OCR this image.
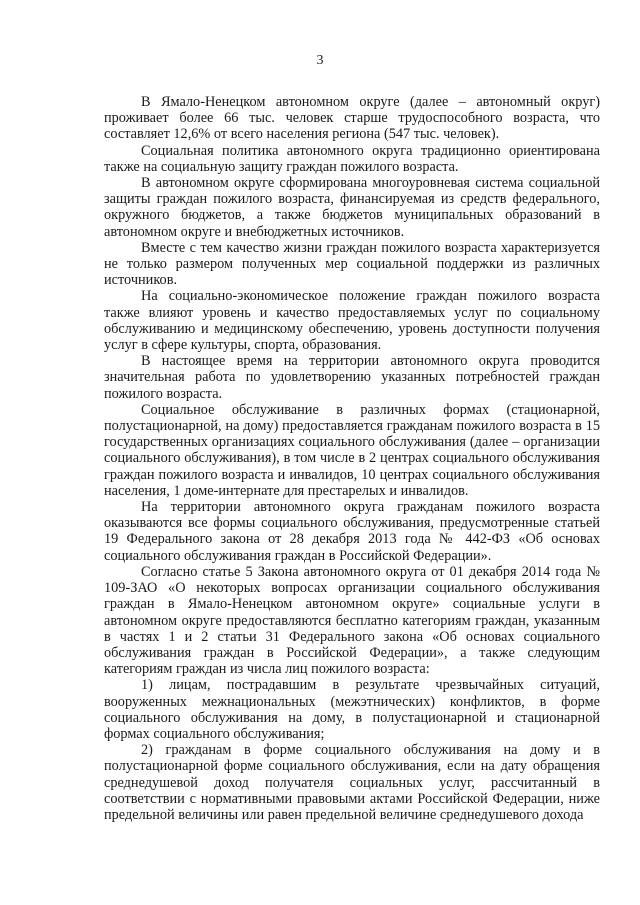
3

В Ямало-Ненецком автономном округе (далее – автономный округ) проживает более 66 тыс. человек старше трудоспособного возраста, что составляет 12,6% от всего населения региона (547 тыс. человек).

Социальная политика автономного округа традиционно ориентирована также на социальную защиту граждан пожилого возраста.

В автономном округе сформирована многоуровневая система социальной защиты граждан пожилого возраста, финансируемая из средств федерального, окружного бюджетов, а также бюджетов муниципальных образований в автономном округе и внебюджетных источников.

Вместе с тем качество жизни граждан пожилого возраста характеризуется не только размером полученных мер социальной поддержки из различных источников.

На социально-экономическое положение граждан пожилого возраста также влияют уровень и качество предоставляемых услуг по социальному обслуживанию и медицинскому обеспечению, уровень доступности получения услуг в сфере культуры, спорта, образования.

В настоящее время на территории автономного округа проводится значительная работа по удовлетворению указанных потребностей граждан пожилого возраста.

Социальное обслуживание в различных формах (стационарной, полустационарной, на дому) предоставляется гражданам пожилого возраста в 15 государственных организациях социального обслуживания (далее – организации социального обслуживания), в том числе в 2 центрах социального обслуживания граждан пожилого возраста и инвалидов, 10 центрах социального обслуживания населения, 1 доме-интернате для престарелых и инвалидов.

На территории автономного округа гражданам пожилого возраста оказываются все формы социального обслуживания, предусмотренные статьей 19 Федерального закона от 28 декабря 2013 года № 442-ФЗ «Об основах социального обслуживания граждан в Российской Федерации».

Согласно статье 5 Закона автономного округа от 01 декабря 2014 года № 109-ЗАО «О некоторых вопросах организации социального обслуживания граждан в Ямало-Ненецком автономном округе» социальные услуги в автономном округе предоставляются бесплатно категориям граждан, указанным в частях 1 и 2 статьи 31 Федерального закона «Об основах социального обслуживания граждан в Российской Федерации», а также следующим категориям граждан из числа лиц пожилого возраста:

1) лицам, пострадавшим в результате чрезвычайных ситуаций, вооруженных межнациональных (межэтнических) конфликтов, в форме социального обслуживания на дому, в полустационарной и стационарной формах социального обслуживания;

2) гражданам в форме социального обслуживания на дому и в полустационарной форме социального обслуживания, если на дату обращения среднедушевой доход получателя социальных услуг, рассчитанный в соответствии с нормативными правовыми актами Российской Федерации, ниже предельной величины или равен предельной величине среднедушевого дохода
